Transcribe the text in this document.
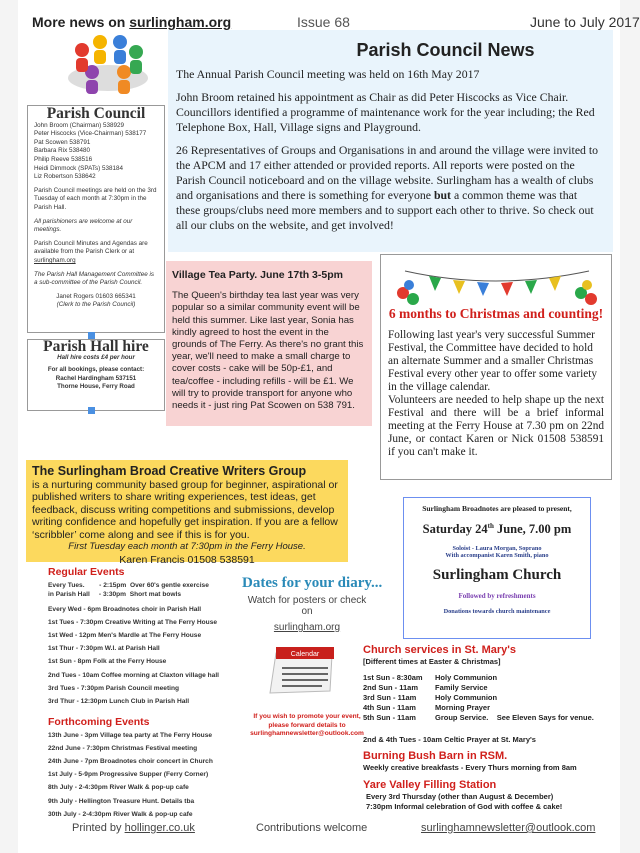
More news on surlingham.org	Issue 68	June to July 2017
Parish Council News

The Annual Parish Council meeting was held on 16th May 2017

John Broom retained his appointment as Chair as did Peter Hiscocks as Vice Chair. Councillors identified a programme of maintenance work for the year including; the Red Telephone Box, Hall, Village signs and Playground.

26 Representatives of Groups and Organisations in and around the village were invited to the APCM and 17 either attended or provided reports. All reports were posted on the Parish Council noticeboard and on the village website. Surlingham has a wealth of clubs and organisations and there is something for everyone but a common theme was that these groups/clubs need more members and to support each other to thrive. So check out all our clubs on the website, and get involved!

Parish Council

John Broom (Chairman) 538929
Peter Hiscocks (Vice-Chairman) 538177
Pat Scowen 538791
Barbara Rix 538480
Philip Reeve 538516
Heidi Dimmock (SPATs) 538184
Liz Robertson 538642

Parish Council meetings are held on the 3rd Tuesday of each month at 7:30pm in the Parish Hall.

All parishioners are welcome at our meetings.

Parish Council Minutes and Agendas are available from the Parish Clerk or at surlingham.org

The Parish Hall Management Committee is a sub-committee of the Parish Council.

Janet Rogers 01603 665341
(Clerk to the Parish Council)

Parish Hall hire
Hall hire costs £4 per hour
For all bookings, please contact:
Rachel Hardingham 537151
Thorne House, Ferry Road
Village Tea Party. June 17th 3-5pm
The Queen's birthday tea last year was very popular so a similar community event will be held this summer. Like last year, Sonia has kindly agreed to host the event in the grounds of The Ferry. As there's no grant this year, we'll need to make a small charge to cover costs - cake will be 50p-£1, and tea/coffee - including refills - will be £1. We will try to provide transport for anyone who needs it - just ring Pat Scowen on 538 791.
6 months to Christmas and counting!

Following last year's very successful Summer Festival, the Committee have decided to hold an alternate Summer and a smaller Christmas Festival every other year to offer some variety in the village calendar.

Volunteers are needed to help shape up the next Festival and there will be a brief informal meeting at the Ferry House at 7.30 pm on 22nd June, or contact Karen or Nick 01508 538591 if you can't make it.

The Surlingham Broad Creative Writers Group
is a nurturing community based group for beginner, aspirational or published writers to share writing experiences, test ideas, get feedback, discuss writing competitions and submissions, develop writing confidence and hopefully get inspiration. If you are a fellow ‘scribbler’ come along and see if this is for you.
First Tuesday each month at 7:30pm in the Ferry House.
Karen Francis 01508 538591
Surlingham Broadnotes are pleased to present,
Saturday 24th June, 7.00 pm
Soloist - Laura Morgan, Soprano
With accompanist Karen Smith, piano
Surlingham Church
Followed by refreshments
Donations towards church maintenance
Regular Events
Every Tues.        - 2:15pm  Over 60's gentle exercise
in Parish Hall     - 3:30pm  Short mat bowls
Every Wed - 6pm Broadnotes choir in Parish Hall
1st Tues - 7:30pm Creative Writing at The Ferry House
1st Wed - 12pm Men's Mardle at The Ferry House
1st Thur - 7:30pm W.I. at Parish Hall
1st Sun - 8pm Folk at the Ferry House
2nd Tues - 10am Coffee morning at Claxton village hall
3rd Tues - 7:30pm Parish Council meeting
3rd Thur - 12:30pm Lunch Club in Parish Hall
Forthcoming Events
13th June - 3pm Village tea party at The Ferry House
22nd June - 7:30pm Christmas Festival meeting
24th June - 7pm Broadnotes choir concert in Church
1st July - 5-9pm Progressive Supper (Ferry Corner)
8th July - 2-4:30pm River Walk & pop-up cafe
9th July - Hellington Treasure Hunt. Details tba
30th July - 2-4:30pm River Walk & pop-up cafe
Dates for your diary...
Watch for posters or check on
surlingham.org
Calendar
If you wish to promote your event,
please forward details to
surlinghamnewsletter@outlook.com
Church services in St. Mary's
[Different times at Easter & Christmas]
1st Sun - 8:30am	Holy Communion
2nd Sun - 11am	Family Service
3rd Sun - 11am	Holy Communion
4th Sun - 11am	Morning Prayer
5th Sun - 11am	Group Service.    See Eleven Says for venue.
2nd & 4th Tues - 10am Celtic Prayer at St. Mary's
Burning Bush Barn in RSM.
Weekly creative breakfasts - Every Thurs morning from 8am
Yare Valley Filling Station
Every 3rd Thursday (other than August & December)
7:30pm Informal celebration of God with coffee & cake!
Printed by hollinger.co.uk	Contributions welcome	surlinghamnewsletter@outlook.com
